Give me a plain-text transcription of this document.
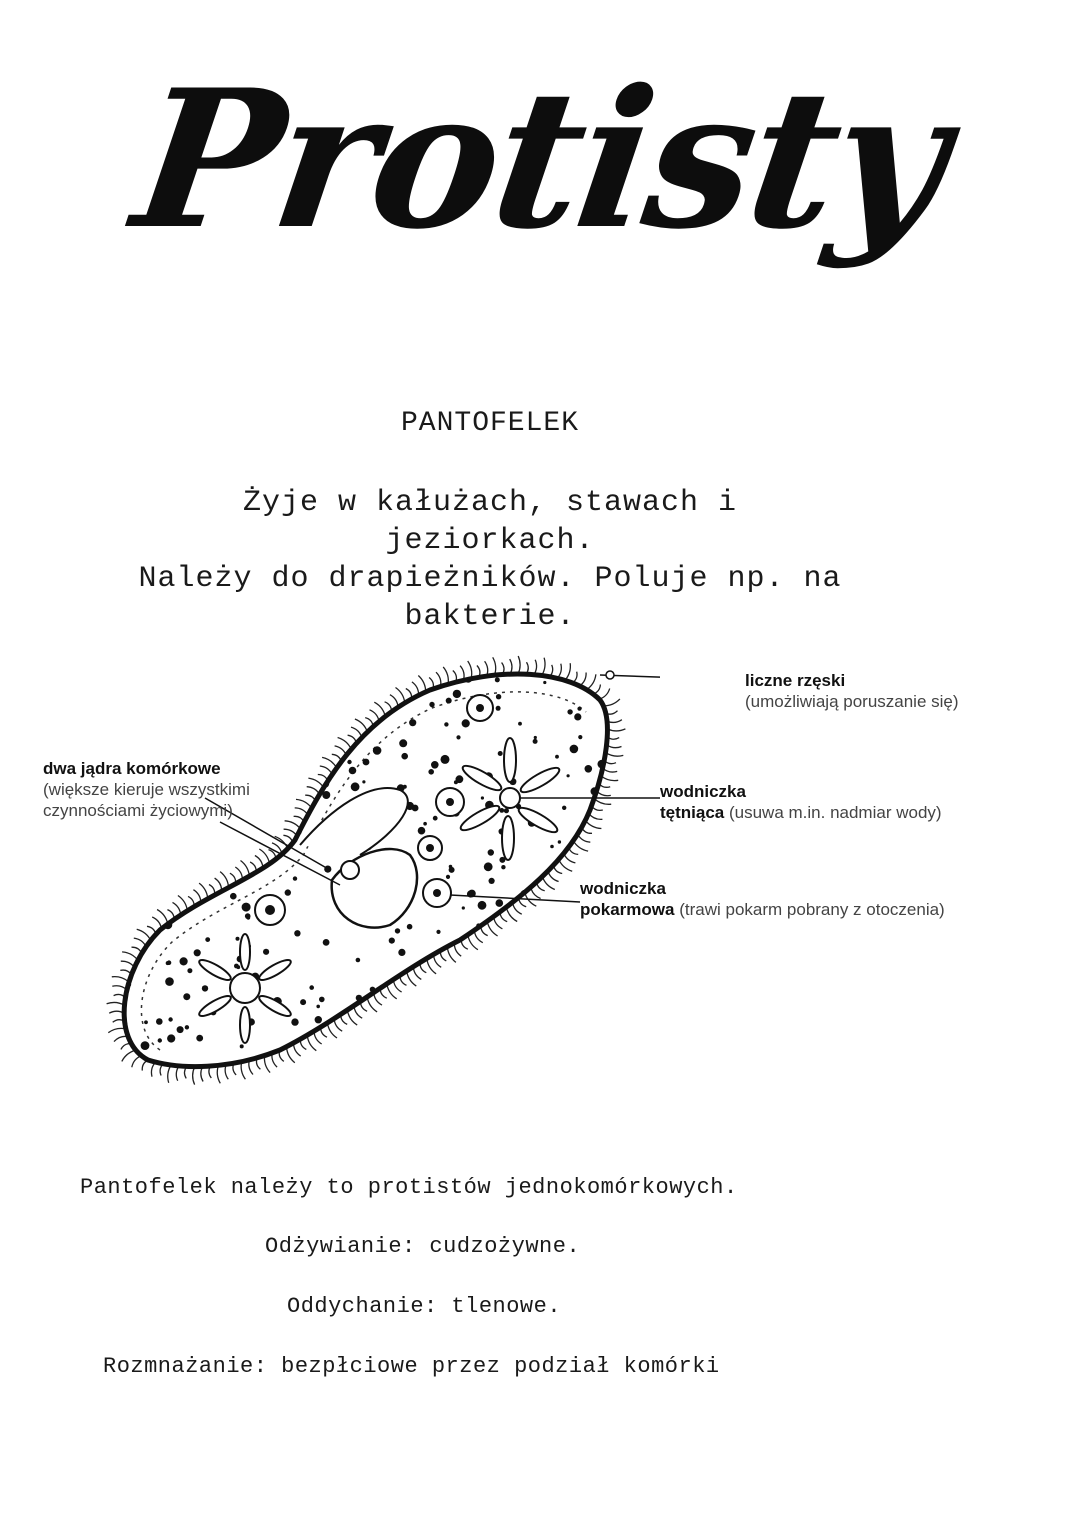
Protisty
PANTOFELEK
Żyje w kałużach, stawach i jeziorkach.
Należy do drapieżników. Poluje np. na
bakterie.
liczne rzęski
(umożliwiają poruszanie się)
dwa jądra komórkowe
(większe kieruje wszystkimi
czynnościami życiowymi)
wodniczka
tętniąca (usuwa m.in. nadmiar wody)
wodniczka
pokarmowa (trawi pokarm pobrany z otoczenia)
Pantofelek należy to protistów jednokomórkowych.
Odżywianie: cudzożywne.
Oddychanie: tlenowe.
Rozmnażanie: bezpłciowe przez podział komórki
